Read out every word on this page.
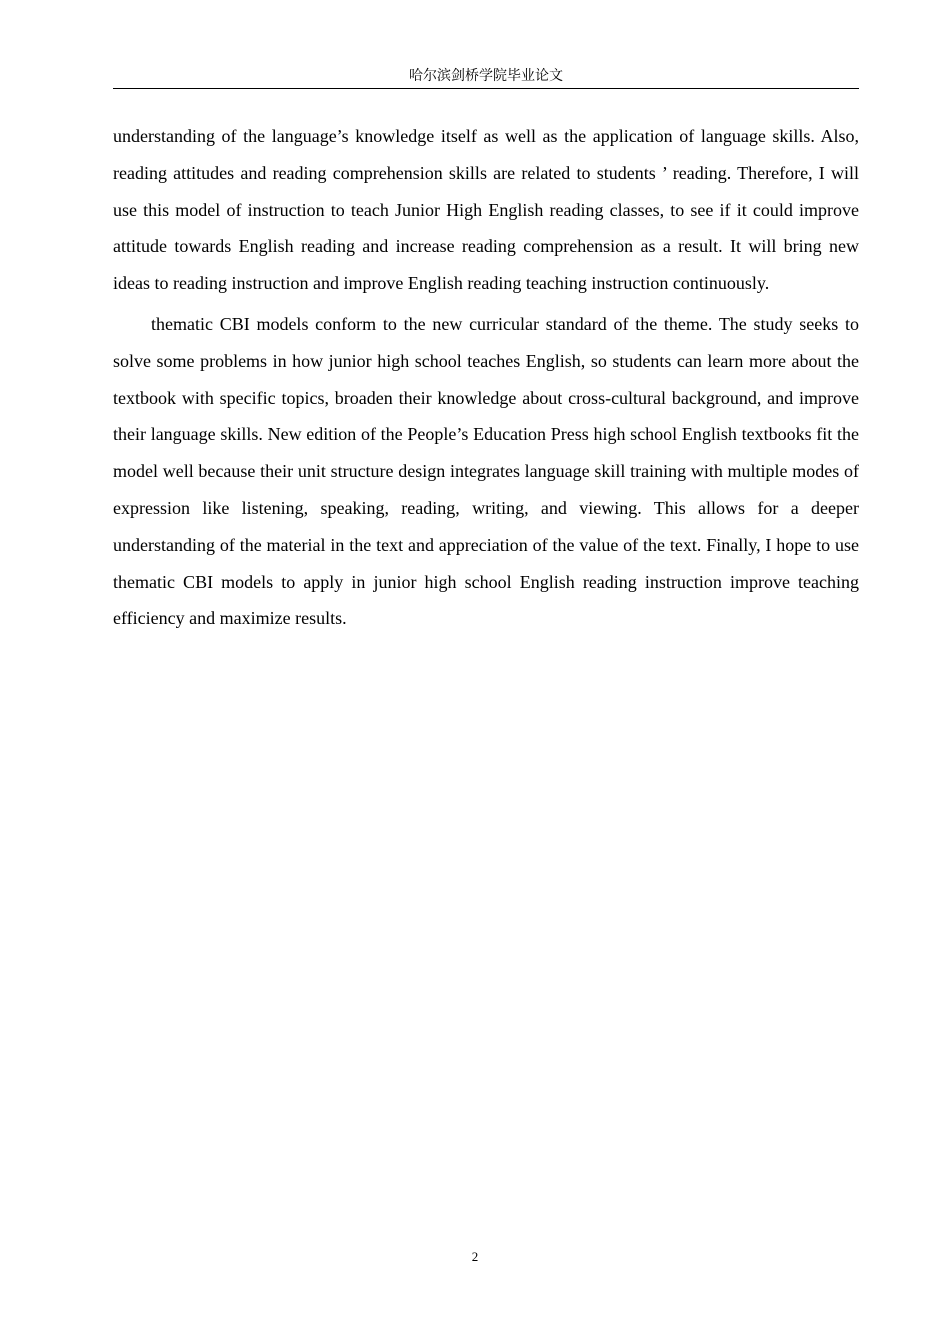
哈尔滨剑桥学院毕业论文

understanding of the language’s knowledge itself as well as the application of language skills. Also, reading attitudes and reading comprehension skills are related to students ’ reading. Therefore, I will use this model of instruction to teach Junior High English reading classes, to see if it could improve attitude towards English reading and increase reading comprehension as a result. It will bring new ideas to reading instruction and improve English reading teaching instruction continuously.

thematic CBI models conform to the new curricular standard of the theme. The study seeks to solve some problems in how junior high school teaches English, so students can learn more about the textbook with specific topics, broaden their knowledge about cross-cultural background, and improve their language skills. New edition of the People’s Education Press high school English textbooks fit the model well because their unit structure design integrates language skill training with multiple modes of expression like listening, speaking, reading, writing, and viewing. This allows for a deeper understanding of the material in the text and appreciation of the value of the text. Finally, I hope to use thematic CBI models to apply in junior high school English reading instruction improve teaching efficiency and maximize results.

2
